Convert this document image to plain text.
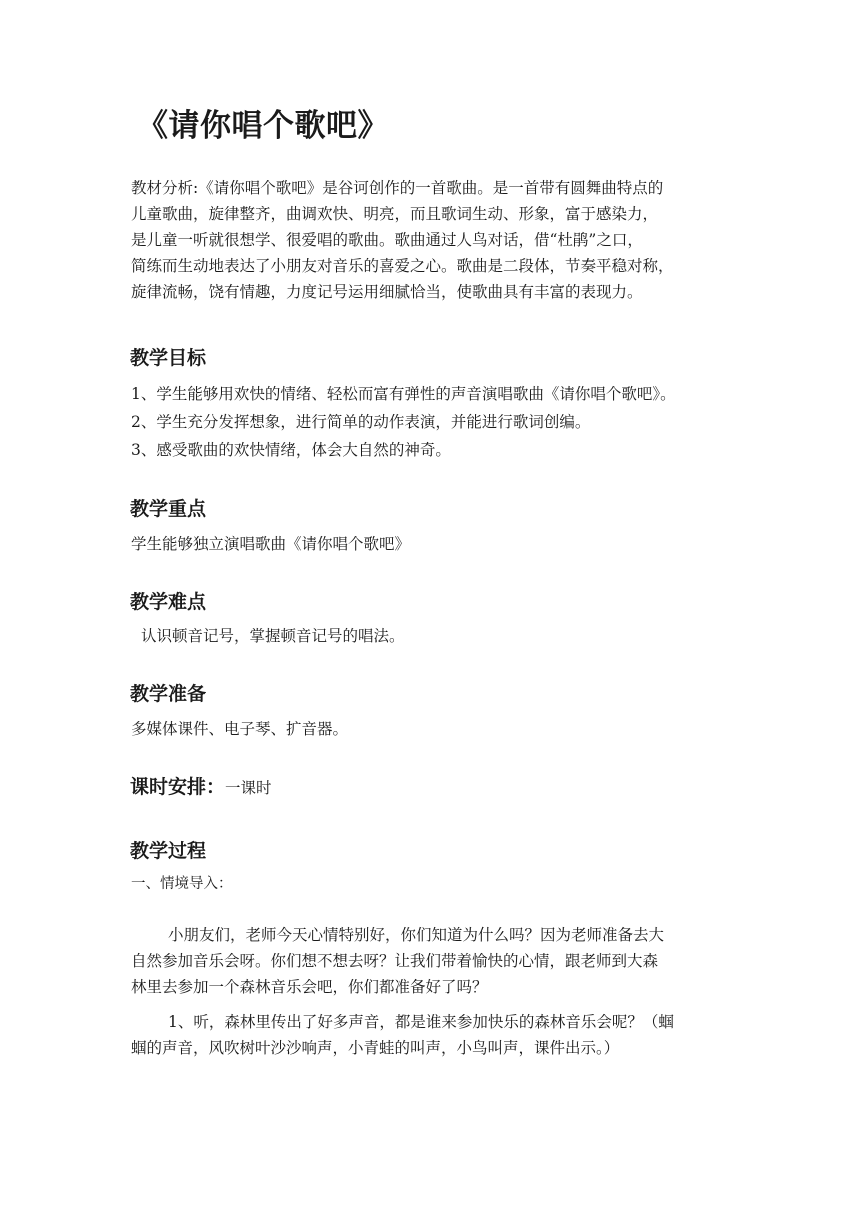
《请你唱个歌吧》
教材分析:《请你唱个歌吧》是谷诃创作的一首歌曲。是一首带有圆舞曲特点的
儿童歌曲，旋律整齐，曲调欢快、明亮，而且歌词生动、形象，富于感染力，
是儿童一听就很想学、很爱唱的歌曲。歌曲通过人鸟对话，借“杜鹃”之口，
简练而生动地表达了小朋友对音乐的喜爱之心。歌曲是二段体，节奏平稳对称，
旋律流畅，饶有情趣，力度记号运用细腻恰当，使歌曲具有丰富的表现力。
教学目标
1、学生能够用欢快的情绪、轻松而富有弹性的声音演唱歌曲《请你唱个歌吧》。
2、学生充分发挥想象，进行简单的动作表演，并能进行歌词创编。
3、感受歌曲的欢快情绪，体会大自然的神奇。
教学重点
学生能够独立演唱歌曲《请你唱个歌吧》
教学难点
认识顿音记号，掌握顿音记号的唱法。
教学准备
多媒体课件、电子琴、扩音器。
课时安排：一课时
教学过程
一、情境导入：
小朋友们，老师今天心情特别好，你们知道为什么吗？因为老师准备去大
自然参加音乐会呀。你们想不想去呀？让我们带着愉快的心情，跟老师到大森
林里去参加一个森林音乐会吧，你们都准备好了吗？
1、听，森林里传出了好多声音，都是谁来参加快乐的森林音乐会呢？（蝈
蝈的声音，风吹树叶沙沙响声，小青蛙的叫声，小鸟叫声，课件出示。）
